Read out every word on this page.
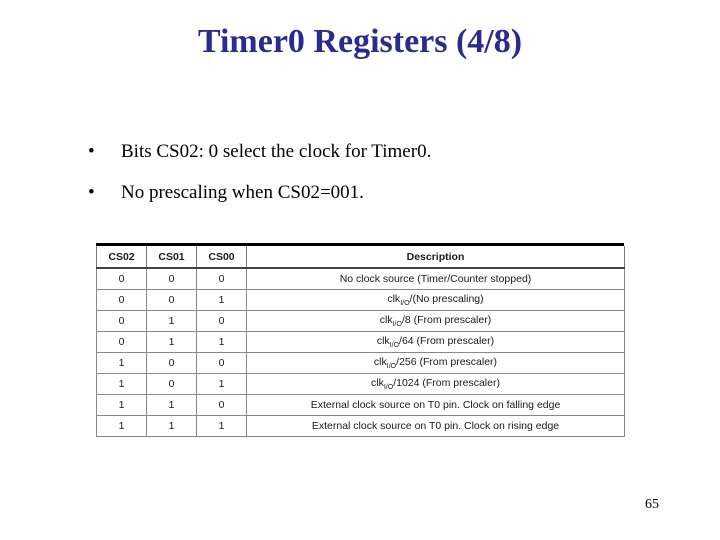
Timer0 Registers (4/8)
• Bits CS02: 0 select the clock for Timer0.
• No prescaling when CS02=001.
CS02	CS01	CS00	Description
0	0	0	No clock source (Timer/Counter stopped)
0	0	1	clk$_{I/O}$/(No prescaling)
0	1	0	clk$_{I/O}$/8 (From prescaler)
0	1	1	clk$_{I/O}$/64 (From prescaler)
1	0	0	clk$_{I/O}$/256 (From prescaler)
1	0	1	clk$_{I/O}$/1024 (From prescaler)
1	1	0	External clock source on T0 pin. Clock on falling edge
1	1	1	External clock source on T0 pin. Clock on rising edge
65
